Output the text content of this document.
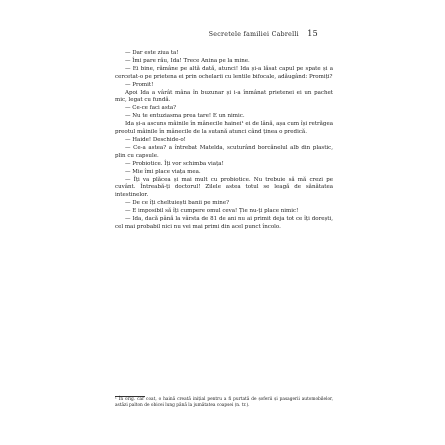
Secretele familiei Cabrelli 15

— Dar este ziua ta!

— Îmi pare rău, Ida! Trece Anina pe la mine.

— Ei bine, rămâne pe altă dată, atunci! Ida și-a lăsat capul pe spate și a cercetat-o pe prietena ei prin ochelarii cu lentile bifocale, adăugând: Promiți?

— Promit!

Apoi Ida a vârât mâna în buzunar și i-a înmânat prietenei ei un pachet mic, legat cu fundă.

— Ce-ce faci asta?

— Nu te entuziasma prea tare! E un nimic.

Ida și-a ascuns mâinile în mânecile hainei¹ ei de lână, așa cum își retrăgea preotul mâinile în mânecile de la sutană atunci când ținea o predică.

— Haide! Deschide-o!

— Ce-a astea? a întrebat Matelda, scuturând borcănelul alb din plastic, plin cu capsule.

— Probiotice. Îți vor schimba viața!

— Mie îmi place viața mea.

— Îți va plăcea și mai mult cu probiotice. Nu trebuie să mă crezi pe cuvânt. Întreabă-ți doctorul! Zilele astea totul se leagă de sănătatea intestinelor.

— De ce îți cheltuiești banii pe mine?

— E imposibil să îți cumpere omul ceva! Ție nu-ți place nimic!

— Ida, dacă până la vârsta de 81 de ani nu ai primit deja tot ce îți dorești, cel mai probabil nici nu vei mai primi din acel punct încolo.

¹ În orig. car coat, o haină creată inițial pentru a fi purtată de șoferii și pasagerii automobilelor, astăzi palton de obicei lung până la jumătatea coapsei (n. tr.).
